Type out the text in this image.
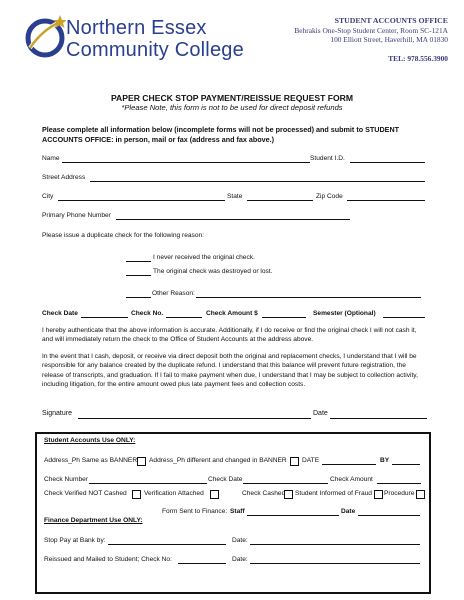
Northern Essex
Community College
STUDENT ACCOUNTS OFFICE
Behrakis One-Stop Student Center, Room SC-121A
100 Elliott Street, Haverhill, MA 01830
TEL: 978.556.3900
PAPER CHECK STOP PAYMENT/REISSUE REQUEST FORM
*Please Note, this form is not to be used for direct deposit refunds
Please complete all information below (incomplete forms will not be processed) and submit to STUDENT ACCOUNTS OFFICE: in person, mail or fax (address and fax above.)
Name	Student I.D.
Street Address
City	State	Zip Code
Primary Phone Number
Please issue a duplicate check for the following reason:
I never received the original check.
The original check was destroyed or lost.
Other Reason:
Check Date	Check No.	Check Amount $	Semester (Optional)
I hereby authenticate that the above information is accurate. Additionally, if I do receive or find the original check I will not cash it, and will immediately return the check to the Office of Student Accounts at the address above.
In the event that I cash, deposit, or receive via direct deposit both the original and replacement checks, I understand that I will be responsible for any balance created by the duplicate refund. I understand that this balance will prevent future registration, the release of transcripts, and graduation. If I fail to make payment when due, I understand that I may be subject to collection activity, including litigation, for the entire amount owed plus late payment fees and collection costs.
Signature	Date
Student Accounts Use ONLY:
Address_Ph Same as BANNER Address_Ph different and changed in BANNER DATE	BY
Check Number	Check Date	Check Amount
Check Verified NOT Cashed	Verification Attached	Check Cashed Student Informed of Fraud Procedure
Form Sent to Finance: Staff	Date
Finance Department Use ONLY:
Stop Pay at Bank by:	Date:
Reissued and Mailed to Student; Check No:	Date:
